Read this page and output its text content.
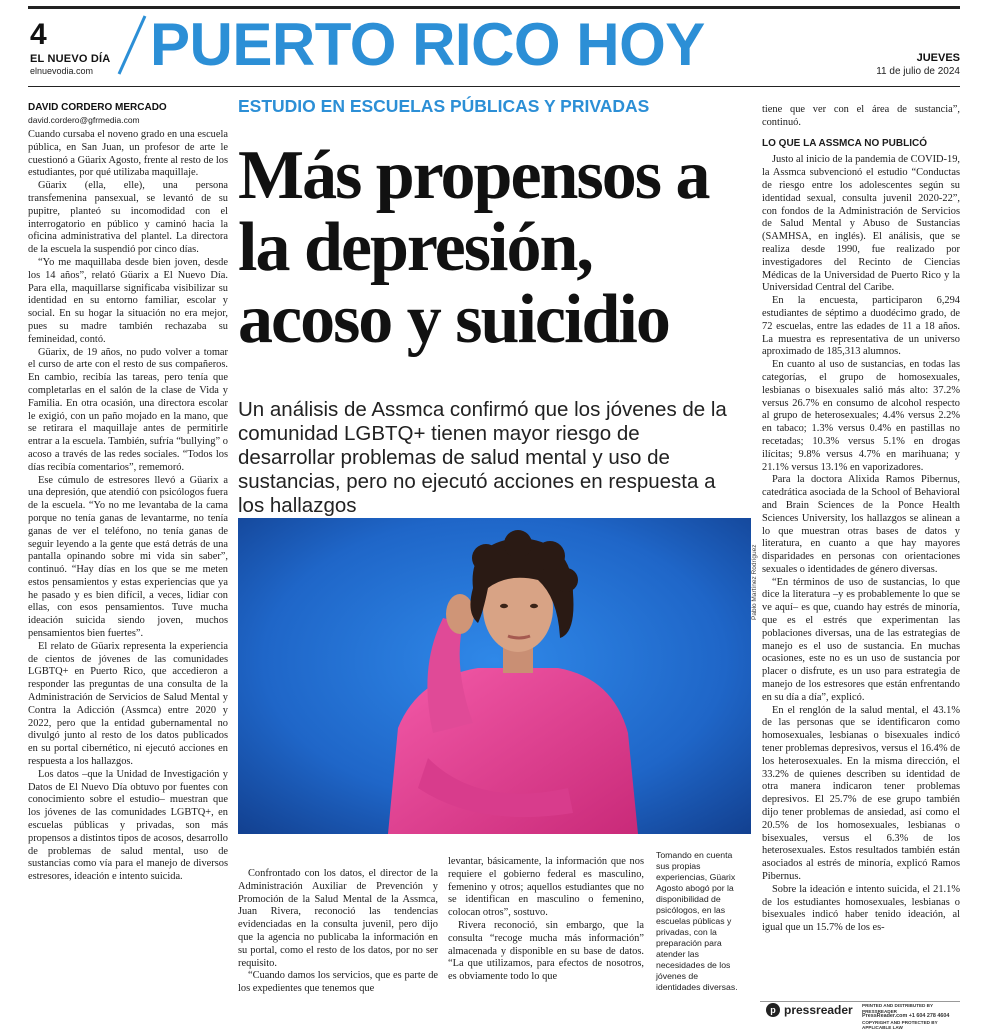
4
EL NUEVO DÍA
elnuevodia.com PUERTO RICO HOY	JUEVES
11 de julio de 2024
DAVID CORDERO MERCADO
david.cordero@gfrmedia.com
ESTUDIO EN ESCUELAS PÚBLICAS Y PRIVADAS
Más propensos a la depresión, acoso y suicidio
Un análisis de Assmca confirmó que los jóvenes de la comunidad LGBTQ+ tienen mayor riesgo de desarrollar problemas de salud mental y uso de sustancias, pero no ejecutó acciones en respuesta a los hallazgos

Cuando cursaba el noveno grado en una escuela pública, en San Juan, un profesor de arte le cuestionó a Güarix Agosto, frente al resto de los estudiantes, por qué utilizaba maquillaje.

Güarix (ella, elle), una persona transfemenina pansexual, se levantó de su pupitre, planteó su incomodidad con el interrogatorio en público y caminó hacia la oficina administrativa del plantel. La directora de la escuela la suspendió por cinco días.

“Yo me maquillaba desde bien joven, desde los 14 años”, relató Güarix a El Nuevo Día. Para ella, maquillarse significaba visibilizar su identidad en su entorno familiar, escolar y social. En su hogar la situación no era mejor, pues su madre también rechazaba su femineidad, contó.

Güarix, de 19 años, no pudo volver a tomar el curso de arte con el resto de sus compañeros. En cambio, recibía las tareas, pero tenía que completarlas en el salón de la clase de Vida y Familia. En otra ocasión, una directora escolar le exigió, con un paño mojado en la mano, que se retirara el maquillaje antes de permitirle entrar a la escuela. También, sufría “bullying” o acoso a través de las redes sociales. “Todos los días recibía comentarios”, rememoró.

Ese cúmulo de estresores llevó a Güarix a una depresión, que atendió con psicólogos fuera de la escuela. “Yo no me levantaba de la cama porque no tenía ganas de levantarme, no tenía ganas de ver el teléfono, no tenía ganas de seguir leyendo a la gente que está detrás de una pantalla opinando sobre mi vida sin saber”, continuó. “Hay días en los que se me meten estos pensamientos y estas experiencias que ya he pasado y es bien difícil, a veces, lidiar con ellas, con esos pensamientos. Tuve mucha ideación suicida siendo joven, muchos pensamientos bien fuertes”.

El relato de Güarix representa la experiencia de cientos de jóvenes de las comunidades LGBTQ+ en Puerto Rico, que accedieron a responder las preguntas de una consulta de la Administración de Servicios de Salud Mental y Contra la Adicción (Assmca) entre 2020 y 2022, pero que la entidad gubernamental no divulgó junto al resto de los datos publicados en su portal cibernético, ni ejecutó acciones en respuesta a los hallazgos.

Los datos –que la Unidad de Investigación y Datos de El Nuevo Día obtuvo por fuentes con conocimiento sobre el estudio– muestran que los jóvenes de las comunidades LGBTQ+, en escuelas públicas y privadas, son más propensos a distintos tipos de acosos, desarrollo de problemas de salud mental, uso de sustancias como vía para el manejo de diversos estresores, ideación e intento suicida.

Pablo Martínez Rodríguez

Confrontado con los datos, el director de la Administración Auxiliar de Prevención y Promoción de la Salud Mental de la Assmca, Juan Rivera, reconoció las tendencias evidenciadas en la consulta juvenil, pero dijo que la agencia no publicaba la información en su portal, como el resto de los datos, por no ser requisito.

“Cuando damos los servicios, que es parte de los expedientes que tenemos que

levantar, básicamente, la información que nos requiere el gobierno federal es masculino, femenino y otros; aquellos estudiantes que no se identifican en masculino o femenino, colocan otros”, sostuvo.

Rivera reconoció, sin embargo, que la consulta “recoge mucha más información” almacenada y disponible en su base de datos. “La que utilizamos, para efectos de nosotros, es obviamente todo lo que

Tomando en cuenta sus propias experiencias, Güarix Agosto abogó por la disponibilidad de psicólogos, en las escuelas públicas y privadas, con la preparación para atender las necesidades de los jóvenes de identidades diversas.

tiene que ver con el área de sustancia”, continuó.

LO QUE LA ASSMCA NO PUBLICÓ

Justo al inicio de la pandemia de COVID-19, la Assmca subvencionó el estudio “Conductas de riesgo entre los adolescentes según su identidad sexual, consulta juvenil 2020-22”, con fondos de la Administración de Servicios de Salud Mental y Abuso de Sustancias (SAMHSA, en inglés). El análisis, que se realiza desde 1990, fue realizado por investigadores del Recinto de Ciencias Médicas de la Universidad de Puerto Rico y la Universidad Central del Caribe.

En la encuesta, participaron 6,294 estudiantes de séptimo a duodécimo grado, de 72 escuelas, entre las edades de 11 a 18 años. La muestra es representativa de un universo aproximado de 185,313 alumnos.

En cuanto al uso de sustancias, en todas las categorías, el grupo de homosexuales, lesbianas o bisexuales salió más alto: 37.2% versus 26.7% en consumo de alcohol respecto al grupo de heterosexuales; 4.4% versus 2.2% en tabaco; 1.3% versus 0.4% en pastillas no recetadas; 10.3% versus 5.1% en drogas ilícitas; 9.8% versus 4.7% en marihuana; y 21.1% versus 13.1% en vaporizadores.

Para la doctora Alixida Ramos Pibernus, catedrática asociada de la School of Behavioral and Brain Sciences de la Ponce Health Sciences University, los hallazgos se alinean a lo que muestran otras bases de datos y literatura, en cuanto a que hay mayores disparidades en personas con orientaciones sexuales o identidades de género diversas.

“En términos de uso de sustancias, lo que dice la literatura –y es probablemente lo que se ve aquí– es que, cuando hay estrés de minoría, que es el estrés que experimentan las poblaciones diversas, una de las estrategias de manejo es el uso de sustancia. En muchas ocasiones, este no es un uso de sustancia por placer o disfrute, es un uso para estrategia de manejo de los estresores que están enfrentando en su día a día”, explicó.

En el renglón de la salud mental, el 43.1% de las personas que se identificaron como homosexuales, lesbianas o bisexuales indicó tener problemas depresivos, versus el 16.4% de los heterosexuales. En la misma dirección, el 33.2% de quienes describen su identidad de otra manera indicaron tener problemas depresivos. El 25.7% de ese grupo también dijo tener problemas de ansiedad, así como el 20.5% de los homosexuales, lesbianas o bisexuales, versus el 6.3% de los heterosexuales. Estos resultados también están asociados al estrés de minoría, explicó Ramos Pibernus.

Sobre la ideación e intento suicida, el 21.1% de los estudiantes homosexuales, lesbianas o bisexuales indicó haber tenido ideación, al igual que un 15.7% de los es-

p pressreader PRINTED AND DISTRIBUTED BY PRESSREADER
PressReader.com +1 604 278 4604
COPYRIGHT AND PROTECTED BY APPLICABLE LAW
